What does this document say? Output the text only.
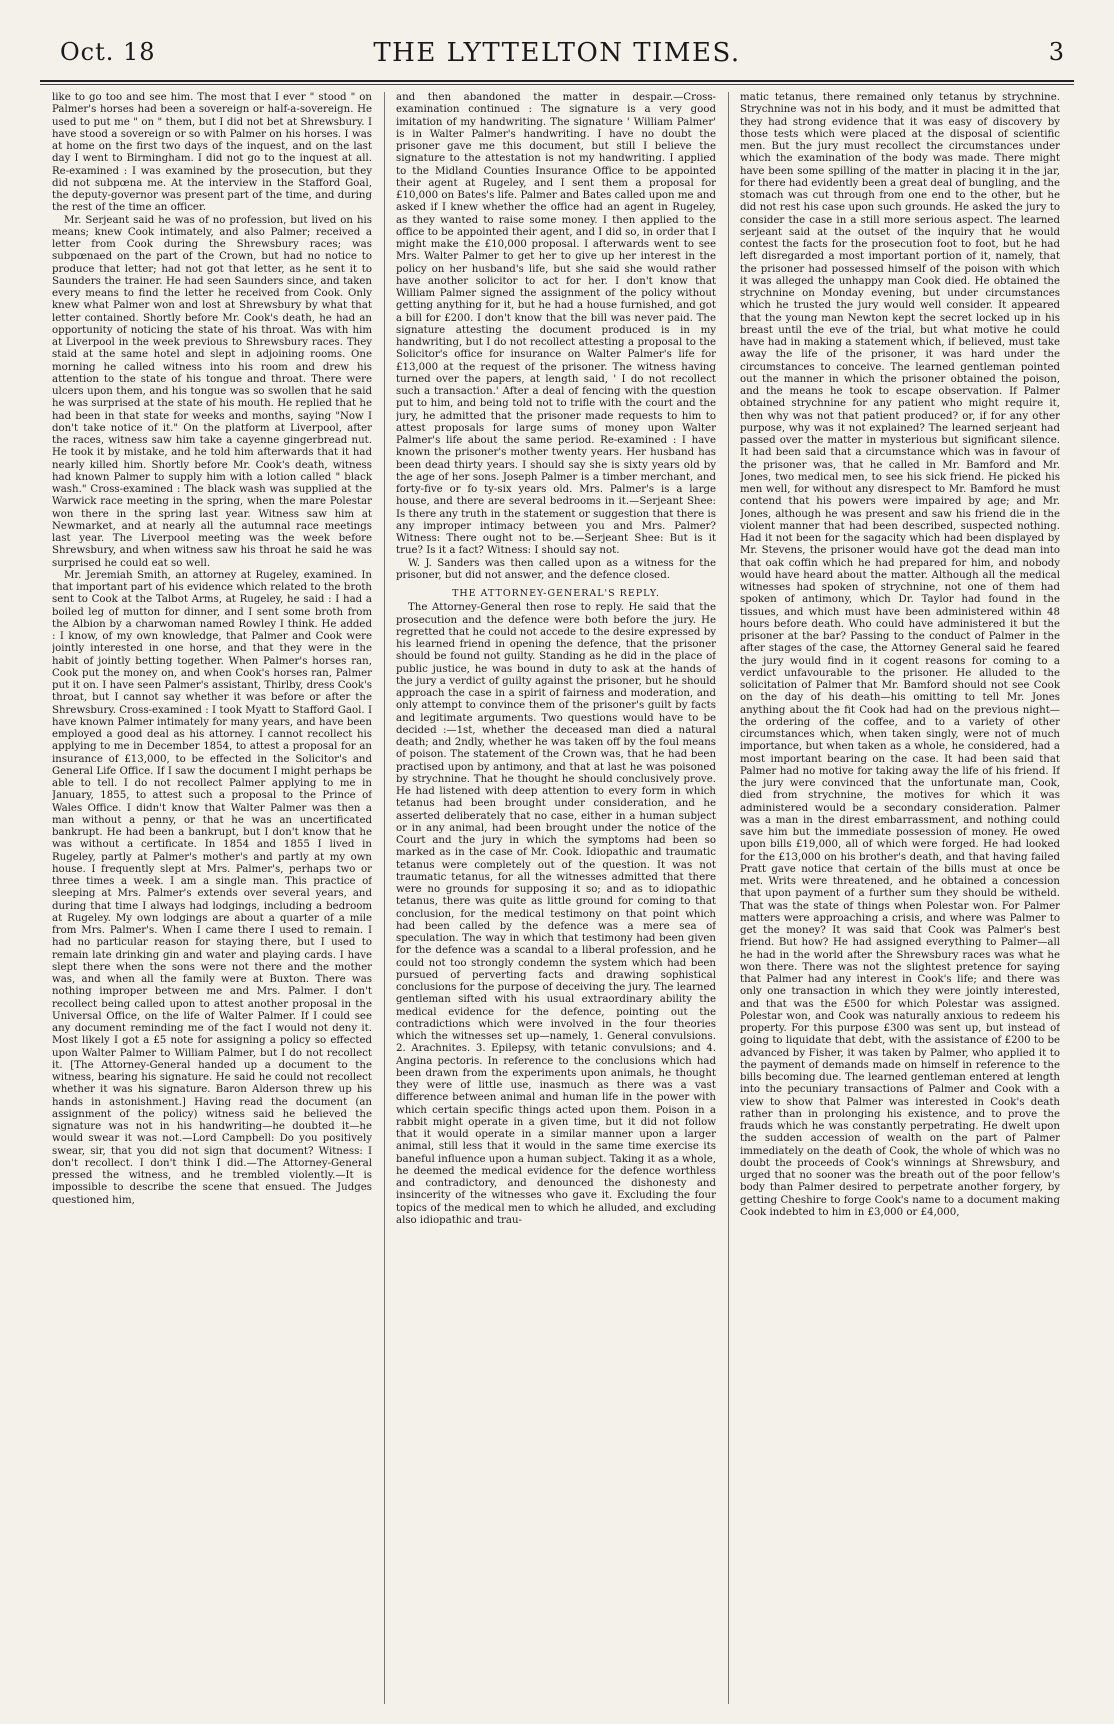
Oct. 18	THE LYTTELTON TIMES.	3

like to go too and see him. The most that I ever " stood " on Palmer's horses had been a sovereign or half-a-sovereign. He used to put me " on " them, but I did not bet at Shrewsbury. I have stood a sovereign or so with Palmer on his horses. I was at home on the first two days of the inquest, and on the last day I went to Birmingham. I did not go to the inquest at all. Re-examined : I was examined by the prosecution, but they did not subpœna me. At the interview in the Stafford Goal, the deputy-governor was present part of the time, and during the rest of the time an officer.

Mr. Serjeant said he was of no profession, but lived on his means; knew Cook intimately, and also Palmer; received a letter from Cook during the Shrewsbury races; was subpœnaed on the part of the Crown, but had no notice to produce that letter; had not got that letter, as he sent it to Saunders the trainer. He had seen Saunders since, and taken every means to find the letter he received from Cook. Only knew what Palmer won and lost at Shrewsbury by what that letter contained. Shortly before Mr. Cook's death, he had an opportunity of noticing the state of his throat. Was with him at Liverpool in the week previous to Shrewsbury races. They staid at the same hotel and slept in adjoining rooms. One morning he called witness into his room and drew his attention to the state of his tongue and throat. There were ulcers upon them, and his tongue was so swollen that he said he was surprised at the state of his mouth. He replied that he had been in that state for weeks and months, saying "Now I don't take notice of it." On the platform at Liverpool, after the races, witness saw him take a cayenne gingerbread nut. He took it by mistake, and he told him afterwards that it had nearly killed him. Shortly before Mr. Cook's death, witness had known Palmer to supply him with a lotion called " black wash." Cross-examined : The black wash was supplied at the Warwick race meeting in the spring, when the mare Polestar won there in the spring last year. Witness saw him at Newmarket, and at nearly all the autumnal race meetings last year. The Liverpool meeting was the week before Shrewsbury, and when witness saw his throat he said he was surprised he could eat so well.

Mr. Jeremiah Smith, an attorney at Rugeley, examined. In that important part of his evidence which related to the broth sent to Cook at the Talbot Arms, at Rugeley, he said : I had a boiled leg of mutton for dinner, and I sent some broth from the Albion by a charwoman named Rowley I think. He added : I know, of my own knowledge, that Palmer and Cook were jointly interested in one horse, and that they were in the habit of jointly betting together. When Palmer's horses ran, Cook put the money on, and when Cook's horses ran, Palmer put it on. I have seen Palmer's assistant, Thirlby, dress Cook's throat, but I cannot say whether it was before or after the Shrewsbury. Cross-examined : I took Myatt to Stafford Gaol. I have known Palmer intimately for many years, and have been employed a good deal as his attorney. I cannot recollect his applying to me in December 1854, to attest a proposal for an insurance of £13,000, to be effected in the Solicitor's and General Life Office. If I saw the document I might perhaps be able to tell. I do not recollect Palmer applying to me in January, 1855, to attest such a proposal to the Prince of Wales Office. I didn't know that Walter Palmer was then a man without a penny, or that he was an uncertificated bankrupt. He had been a bankrupt, but I don't know that he was without a certificate. In 1854 and 1855 I lived in Rugeley, partly at Palmer's mother's and partly at my own house. I frequently slept at Mrs. Palmer's, perhaps two or three times a week. I am a single man. This practice of sleeping at Mrs. Palmer's extends over several years, and during that time I always had lodgings, including a bedroom at Rugeley. My own lodgings are about a quarter of a mile from Mrs. Palmer's. When I came there I used to remain. I had no particular reason for staying there, but I used to remain late drinking gin and water and playing cards. I have slept there when the sons were not there and the mother was, and when all the family were at Buxton. There was nothing improper between me and Mrs. Palmer. I don't recollect being called upon to attest another proposal in the Universal Office, on the life of Walter Palmer. If I could see any document reminding me of the fact I would not deny it. Most likely I got a £5 note for assigning a policy so effected upon Walter Palmer to William Palmer, but I do not recollect it. [The Attorney-General handed up a document to the witness, bearing his signature. He said he could not recollect whether it was his signature. Baron Alderson threw up his hands in astonishment.] Having read the document (an assignment of the policy) witness said he believed the signature was not in his handwriting—he doubted it—he would swear it was not.—Lord Campbell: Do you positively swear, sir, that you did not sign that document? Witness: I don't recollect. I don't think I did.—The Attorney-General pressed the witness, and he trembled violently.—It is impossible to describe the scene that ensued. The Judges questioned him,

and then abandoned the matter in despair.—Cross-examination continued : The signature is a very good imitation of my handwriting. The signature ' William Palmer' is in Walter Palmer's handwriting. I have no doubt the prisoner gave me this document, but still I believe the signature to the attestation is not my handwriting. I applied to the Midland Counties Insurance Office to be appointed their agent at Rugeley, and I sent them a proposal for £10,000 on Bates's life. Palmer and Bates called upon me and asked if I knew whether the office had an agent in Rugeley, as they wanted to raise some money. I then applied to the office to be appointed their agent, and I did so, in order that I might make the £10,000 proposal. I afterwards went to see Mrs. Walter Palmer to get her to give up her interest in the policy on her husband's life, but she said she would rather have another solicitor to act for her. I don't know that William Palmer signed the assignment of the policy without getting anything for it, but he had a house furnished, and got a bill for £200. I don't know that the bill was never paid. The signature attesting the document produced is in my handwriting, but I do not recollect attesting a proposal to the Solicitor's office for insurance on Walter Palmer's life for £13,000 at the request of the prisoner. The witness having turned over the papers, at length said, ' I do not recollect such a transaction.' After a deal of fencing with the question put to him, and being told not to trifle with the court and the jury, he admitted that the prisoner made requests to him to attest proposals for large sums of money upon Walter Palmer's life about the same period. Re-examined : I have known the prisoner's mother twenty years. Her husband has been dead thirty years. I should say she is sixty years old by the age of her sons. Joseph Palmer is a timber merchant, and forty-five or fo ty-six years old. Mrs. Palmer's is a large house, and there are several bedrooms in it.—Serjeant Shee: Is there any truth in the statement or suggestion that there is any improper intimacy between you and Mrs. Palmer? Witness: There ought not to be.—Serjeant Shee: But is it true? Is it a fact? Witness: I should say not.

W. J. Sanders was then called upon as a witness for the prisoner, but did not answer, and the defence closed.

THE ATTORNEY-GENERAL'S REPLY.

The Attorney-General then rose to reply. He said that the prosecution and the defence were both before the jury. He regretted that he could not accede to the desire expressed by his learned friend in opening the defence, that the prisoner should be found not guilty. Standing as he did in the place of public justice, he was bound in duty to ask at the hands of the jury a verdict of guilty against the prisoner, but he should approach the case in a spirit of fairness and moderation, and only attempt to convince them of the prisoner's guilt by facts and legitimate arguments. Two questions would have to be decided :—1st, whether the deceased man died a natural death; and 2ndly, whether he was taken off by the foul means of poison. The statement of the Crown was, that he had been practised upon by antimony, and that at last he was poisoned by strychnine. That he thought he should conclusively prove. He had listened with deep attention to every form in which tetanus had been brought under consideration, and he asserted deliberately that no case, either in a human subject or in any animal, had been brought under the notice of the Court and the jury in which the symptoms had been so marked as in the case of Mr. Cook. Idiopathic and traumatic tetanus were completely out of the question. It was not traumatic tetanus, for all the witnesses admitted that there were no grounds for supposing it so; and as to idiopathic tetanus, there was quite as little ground for coming to that conclusion, for the medical testimony on that point which had been called by the defence was a mere sea of speculation. The way in which that testimony had been given for the defence was a scandal to a liberal profession, and he could not too strongly condemn the system which had been pursued of perverting facts and drawing sophistical conclusions for the purpose of deceiving the jury. The learned gentleman sifted with his usual extraordinary ability the medical evidence for the defence, pointing out the contradictions which were involved in the four theories which the witnesses set up—namely, 1. General convulsions. 2. Arachnites. 3. Epilepsy, with tetanic convulsions; and 4. Angina pectoris. In reference to the conclusions which had been drawn from the experiments upon animals, he thought they were of little use, inasmuch as there was a vast difference between animal and human life in the power with which certain specific things acted upon them. Poison in a rabbit might operate in a given time, but it did not follow that it would operate in a similar manner upon a larger animal, still less that it would in the same time exercise its baneful influence upon a human subject. Taking it as a whole, he deemed the medical evidence for the defence worthless and contradictory, and denounced the dishonesty and insincerity of the witnesses who gave it. Excluding the four topics of the medical men to which he alluded, and excluding also idiopathic and trau-

matic tetanus, there remained only tetanus by strychnine. Strychnine was not in his body, and it must be admitted that they had strong evidence that it was easy of discovery by those tests which were placed at the disposal of scientific men. But the jury must recollect the circumstances under which the examination of the body was made. There might have been some spilling of the matter in placing it in the jar, for there had evidently been a great deal of bungling, and the stomach was cut through from one end to the other, but he did not rest his case upon such grounds. He asked the jury to consider the case in a still more serious aspect. The learned serjeant said at the outset of the inquiry that he would contest the facts for the prosecution foot to foot, but he had left disregarded a most important portion of it, namely, that the prisoner had possessed himself of the poison with which it was alleged the unhappy man Cook died. He obtained the strychnine on Monday evening, but under circumstances which he trusted the jury would well consider. It appeared that the young man Newton kept the secret locked up in his breast until the eve of the trial, but what motive he could have had in making a statement which, if believed, must take away the life of the prisoner, it was hard under the circumstances to conceive. The learned gentleman pointed out the manner in which the prisoner obtained the poison, and the means he took to escape observation. If Palmer obtained strychnine for any patient who might require it, then why was not that patient produced? or, if for any other purpose, why was it not explained? The learned serjeant had passed over the matter in mysterious but significant silence. It had been said that a circumstance which was in favour of the prisoner was, that he called in Mr. Bamford and Mr. Jones, two medical men, to see his sick friend. He picked his men well, for without any disrespect to Mr. Bamford he must contend that his powers were impaired by age; and Mr. Jones, although he was present and saw his friend die in the violent manner that had been described, suspected nothing. Had it not been for the sagacity which had been displayed by Mr. Stevens, the prisoner would have got the dead man into that oak coffin which he had prepared for him, and nobody would have heard about the matter. Although all the medical witnesses had spoken of strychnine, not one of them had spoken of antimony, which Dr. Taylor had found in the tissues, and which must have been administered within 48 hours before death. Who could have administered it but the prisoner at the bar? Passing to the conduct of Palmer in the after stages of the case, the Attorney General said he feared the jury would find in it cogent reasons for coming to a verdict unfavourable to the prisoner. He alluded to the solicitation of Palmer that Mr. Bamford should not see Cook on the day of his death—his omitting to tell Mr. Jones anything about the fit Cook had had on the previous night—the ordering of the coffee, and to a variety of other circumstances which, when taken singly, were not of much importance, but when taken as a whole, he considered, had a most important bearing on the case. It had been said that Palmer had no motive for taking away the life of his friend. If the jury were convinced that the unfortunate man, Cook, died from strychnine, the motives for which it was administered would be a secondary consideration. Palmer was a man in the direst embarrassment, and nothing could save him but the immediate possession of money. He owed upon bills £19,000, all of which were forged. He had looked for the £13,000 on his brother's death, and that having failed Pratt gave notice that certain of the bills must at once be met. Writs were threatened, and he obtained a concession that upon payment of a further sum they should be witheld. That was the state of things when Polestar won. For Palmer matters were approaching a crisis, and where was Palmer to get the money? It was said that Cook was Palmer's best friend. But how? He had assigned everything to Palmer—all he had in the world after the Shrewsbury races was what he won there. There was not the slightest pretence for saying that Palmer had any interest in Cook's life; and there was only one transaction in which they were jointly interested, and that was the £500 for which Polestar was assigned. Polestar won, and Cook was naturally anxious to redeem his property. For this purpose £300 was sent up, but instead of going to liquidate that debt, with the assistance of £200 to be advanced by Fisher, it was taken by Palmer, who applied it to the payment of demands made on himself in reference to the bills becoming due. The learned gentleman entered at length into the pecuniary transactions of Palmer and Cook with a view to show that Palmer was interested in Cook's death rather than in prolonging his existence, and to prove the frauds which he was constantly perpetrating. He dwelt upon the sudden accession of wealth on the part of Palmer immediately on the death of Cook, the whole of which was no doubt the proceeds of Cook's winnings at Shrewsbury, and urged that no sooner was the breath out of the poor fellow's body than Palmer desired to perpetrate another forgery, by getting Cheshire to forge Cook's name to a document making Cook indebted to him in £3,000 or £4,000,
